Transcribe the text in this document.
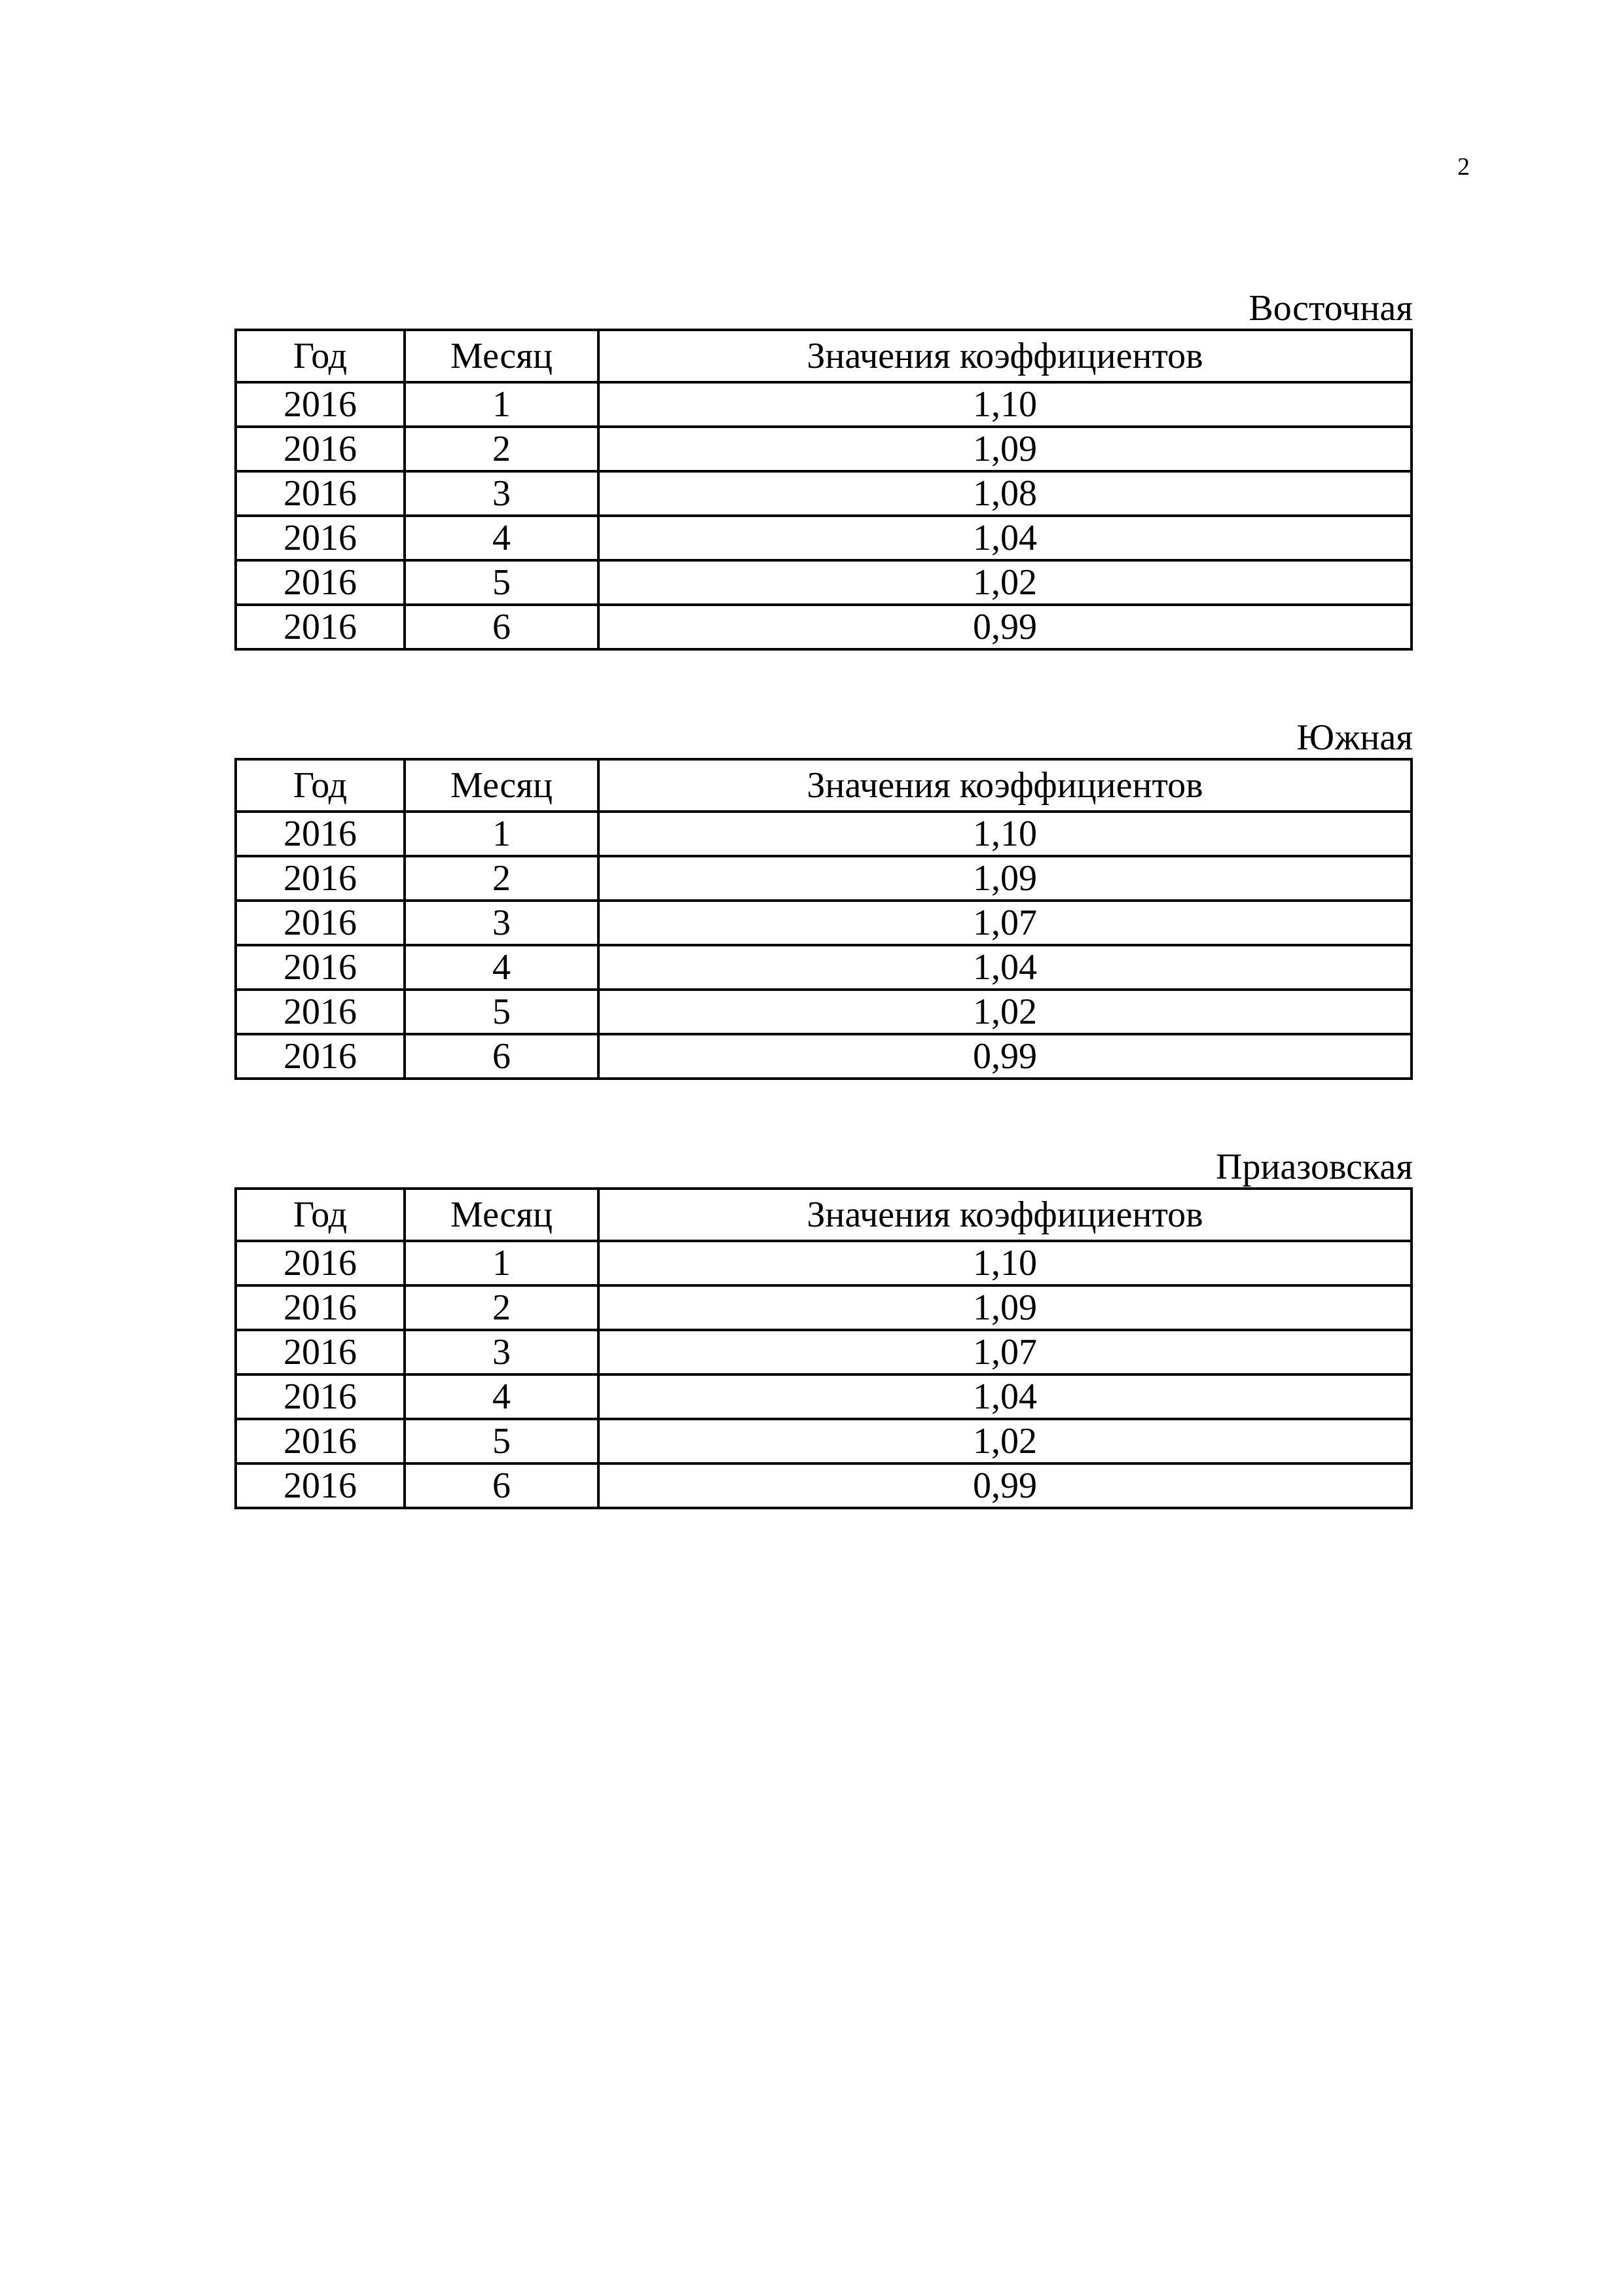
2
Восточная
Год	Месяц	Значения коэффициентов
2016	1	1,10
2016	2	1,09
2016	3	1,08
2016	4	1,04
2016	5	1,02
2016	6	0,99
Южная
Год	Месяц	Значения коэффициентов
2016	1	1,10
2016	2	1,09
2016	3	1,07
2016	4	1,04
2016	5	1,02
2016	6	0,99
Приазовская
Год	Месяц	Значения коэффициентов
2016	1	1,10
2016	2	1,09
2016	3	1,07
2016	4	1,04
2016	5	1,02
2016	6	0,99
